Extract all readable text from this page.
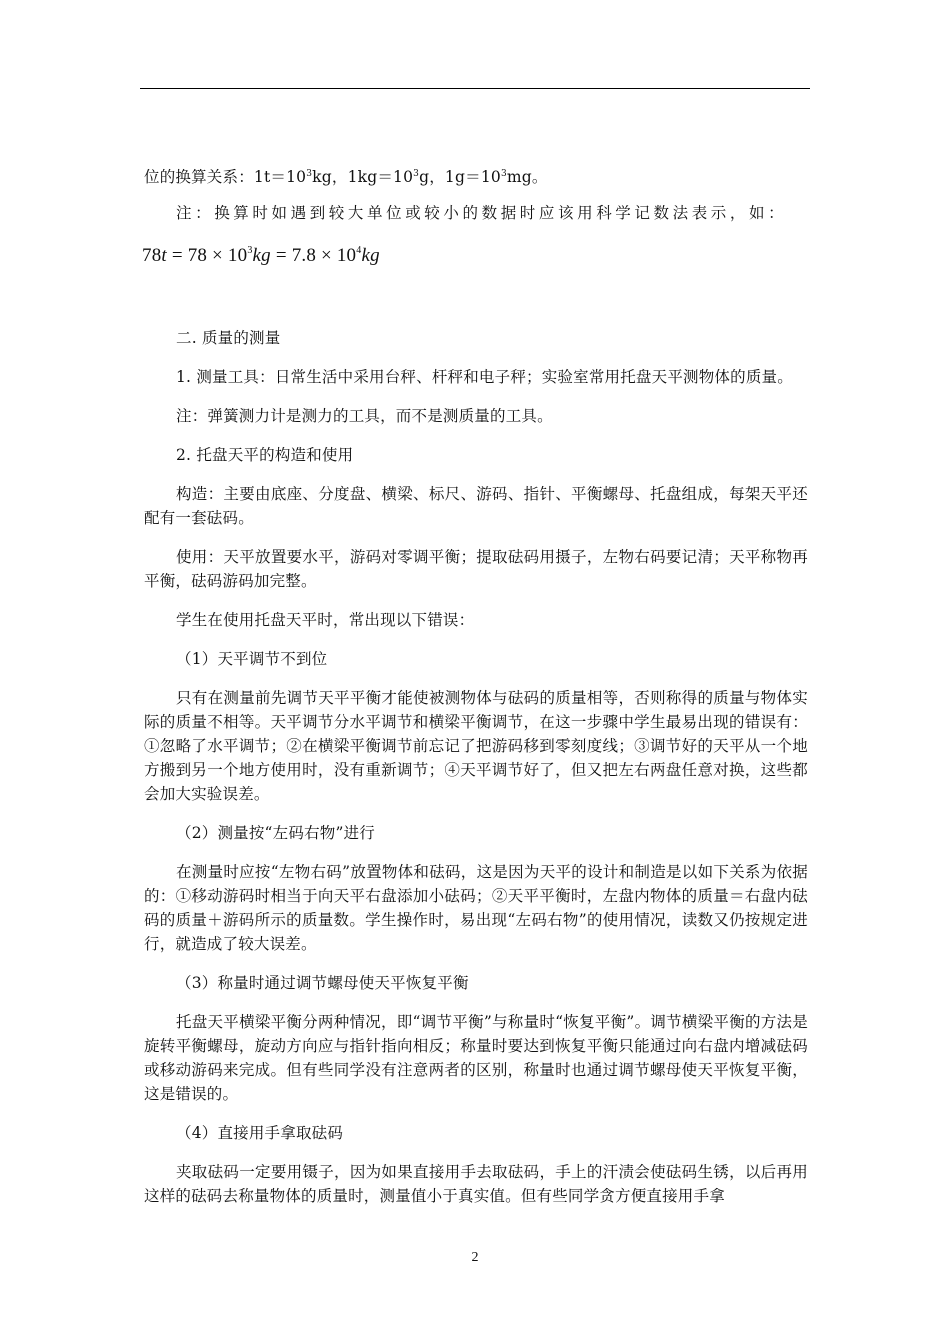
位的换算关系：$1t=10^3kg$，$1kg=10^3g$，$1g=10^3mg$。

注：换算时如遇到较大单位或较小的数据时应该用科学记数法表示，如：

$78t = 78 \times 10^3kg = 7.8 \times 10^4kg$

二. 质量的测量

1. 测量工具：日常生活中采用台秤、杆秤和电子秤；实验室常用托盘天平测物体的质量。

注：弹簧测力计是测力的工具，而不是测质量的工具。

2. 托盘天平的构造和使用

构造：主要由底座、分度盘、横梁、标尺、游码、指针、平衡螺母、托盘组成，每架天平还配有一套砝码。

使用：天平放置要水平，游码对零调平衡；提取砝码用摄子，左物右码要记清；天平称物再平衡，砝码游码加完整。

学生在使用托盘天平时，常出现以下错误：

（1）天平调节不到位

只有在测量前先调节天平平衡才能使被测物体与砝码的质量相等，否则称得的质量与物体实际的质量不相等。天平调节分水平调节和横梁平衡调节，在这一步骤中学生最易出现的错误有：①忽略了水平调节；②在横梁平衡调节前忘记了把游码移到零刻度线；③调节好的天平从一个地方搬到另一个地方使用时，没有重新调节；④天平调节好了，但又把左右两盘任意对换，这些都会加大实验误差。

（2）测量按“左码右物”进行

在测量时应按“左物右码”放置物体和砝码，这是因为天平的设计和制造是以如下关系为依据的：①移动游码时相当于向天平右盘添加小砝码；②天平平衡时，左盘内物体的质量＝右盘内砝码的质量＋游码所示的质量数。学生操作时，易出现“左码右物”的使用情况，读数又仍按规定进行，就造成了较大误差。

（3）称量时通过调节螺母使天平恢复平衡

托盘天平横梁平衡分两种情况，即“调节平衡”与称量时“恢复平衡”。调节横梁平衡的方法是旋转平衡螺母，旋动方向应与指针指向相反；称量时要达到恢复平衡只能通过向右盘内增减砝码或移动游码来完成。但有些同学没有注意两者的区别，称量时也通过调节螺母使天平恢复平衡，这是错误的。

（4）直接用手拿取砝码

夹取砝码一定要用镊子，因为如果直接用手去取砝码，手上的汗渍会使砝码生锈，以后再用这样的砝码去称量物体的质量时，测量值小于真实值。但有些同学贪方便直接用手拿

2
